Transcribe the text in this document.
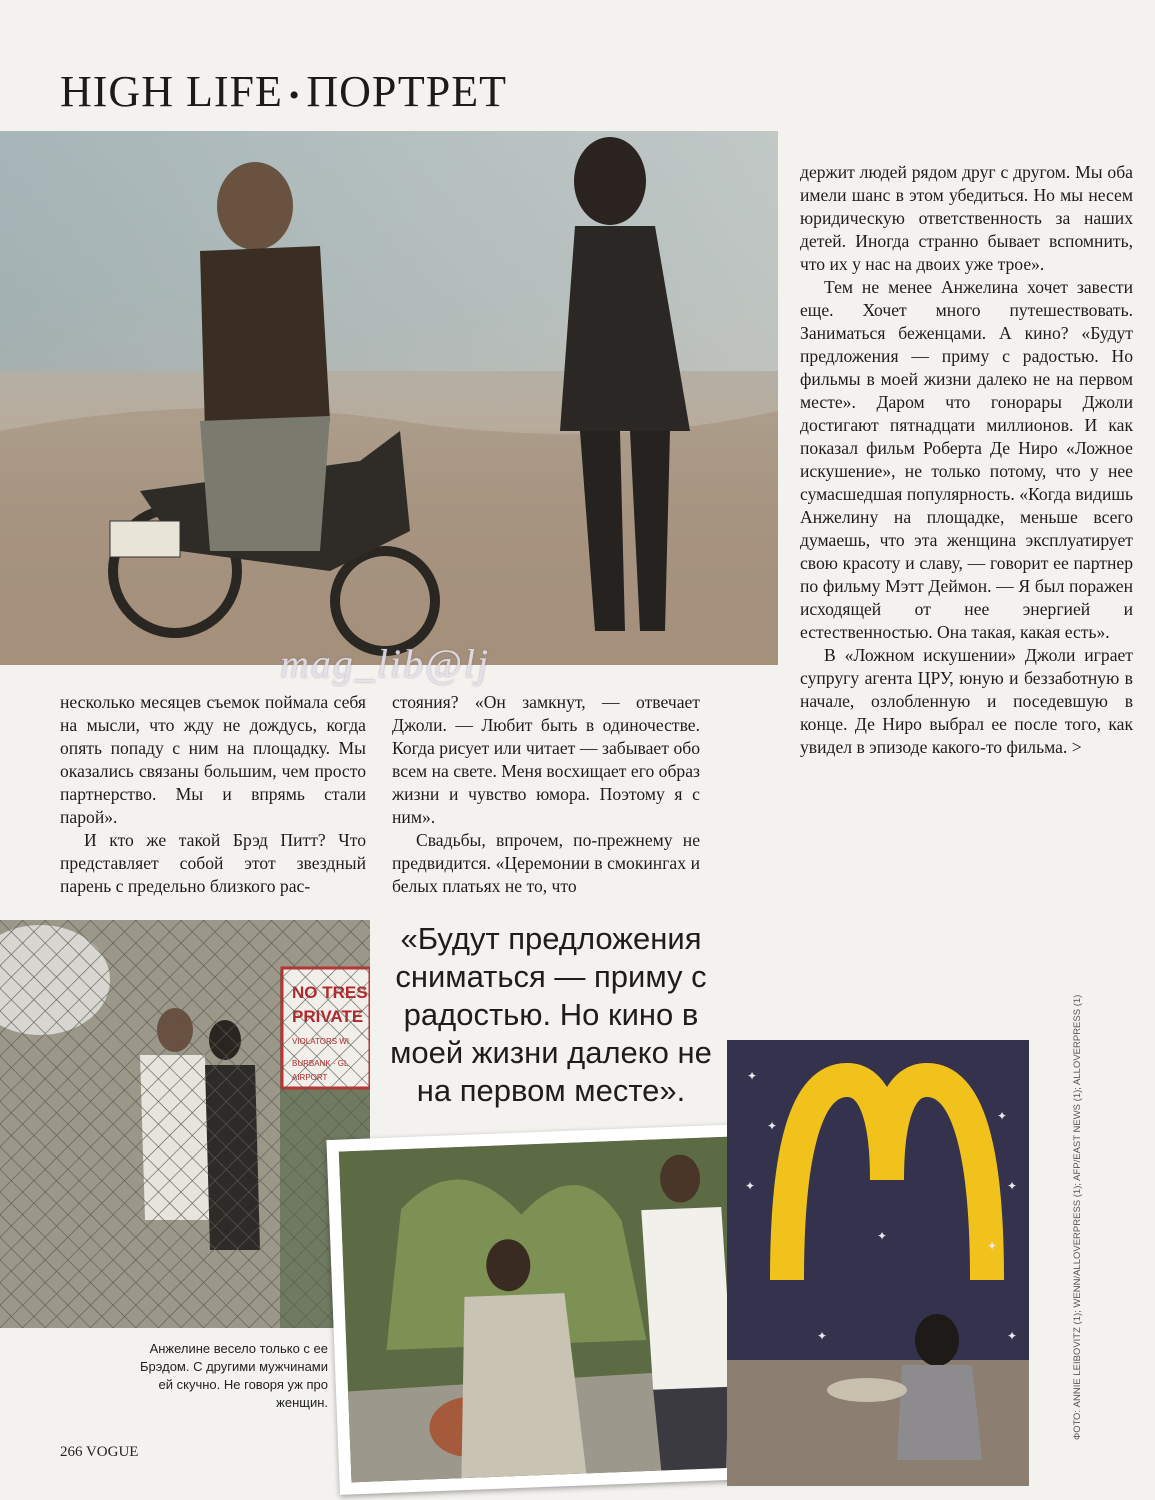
HIGH LIFE • ПОРТРЕТ
mag_lib@lj

держит людей рядом друг с другом. Мы оба имели шанс в этом убедиться. Но мы несем юридическую ответственность за наших детей. Иногда странно бывает вспомнить, что их у нас на двоих уже трое».

Тем не менее Анжелина хочет завести еще. Хочет много путешествовать. Заниматься беженцами. А кино? «Будут предложения — приму с радостью. Но фильмы в моей жизни далеко не на первом месте». Даром что гонорары Джоли достигают пятнадцати миллионов. И как показал фильм Роберта Де Ниро «Ложное искушение», не только потому, что у нее сумасшедшая популярность. «Когда видишь Анжелину на площадке, меньше всего думаешь, что эта женщина эксплуатирует свою красоту и славу, — говорит ее партнер по фильму Мэтт Деймон. — Я был поражен исходящей от нее энергией и естественностью. Она такая, какая есть».

В «Ложном искушении» Джоли играет супругу агента ЦРУ, юную и беззаботную в начале, озлобленную и поседевшую в конце. Де Ниро выбрал ее после того, как увидел в эпизоде какого-то фильма. >

несколько месяцев съемок поймала себя на мысли, что жду не дождусь, когда опять попаду с ним на площадку. Мы оказались связаны большим, чем просто партнерство. Мы и впрямь стали парой».

И кто же такой Брэд Питт? Что представляет собой этот звездный парень с предельно близкого рас-

стояния? «Он замкнут, — отвечает Джоли. — Любит быть в одиночестве. Когда рисует или читает — забывает обо всем на свете. Меня восхищает его образ жизни и чувство юмора. Поэтому я с ним».

Свадьбы, впрочем, по-прежнему не предвидится. «Церемонии в смокингах и белых платьях не то, что

«Будут предложения сниматься — приму с радостью. Но кино в моей жизни далеко не на первом месте».
Анжелине весело только с ее Брэдом. С другими мужчинами ей скучно. Не говоря уж про женщин.
✦
✦
✦
✦
✦
✦
✦
✦	✦
266 VOGUE
ФОТО: ANNIE LEIBOVITZ (1); WENN/ALLOVERPRESS (1); AFP/EAST NEWS (1); ALLOVERPRESS (1)
